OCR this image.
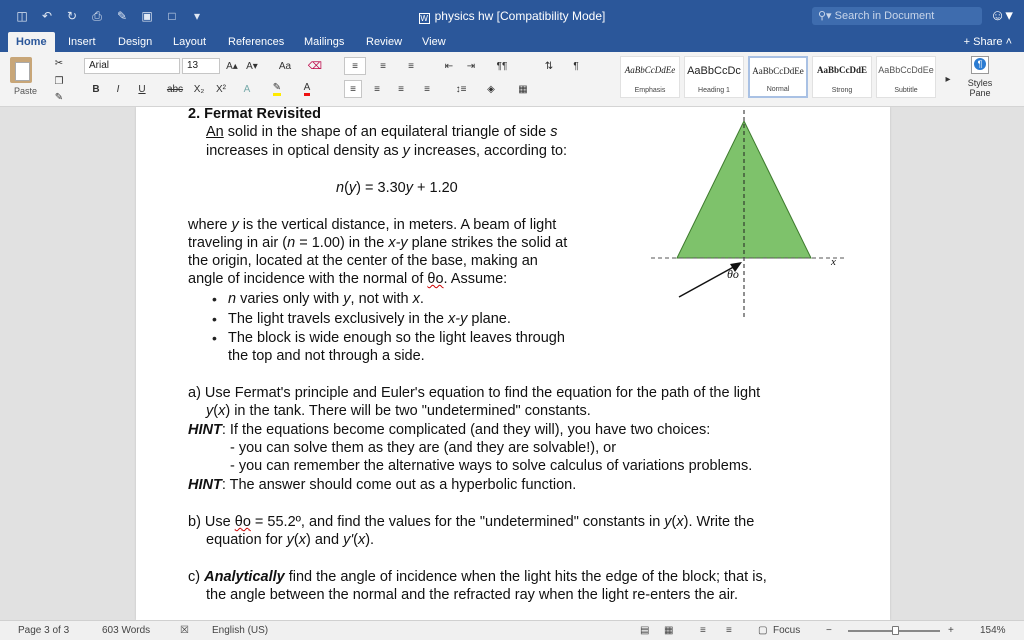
◫ ↶ ↻ ⎙ ✎ ▣	□	▾	W physics hw [Compatibility Mode]	⚲▾ Search in Document	☺▾
Home	Insert	Design	Layout	References	Mailings	Review	View	+ Share ˄
Paste
✂
❐
✎
Arial	13	A▴ A▾	Aa	⌫
B	I	U	abc	X₂	X²	A	✎ A
≡	≡	≡	⇤	⇥	¶¶	⇅	¶
≡	≡	≡	≡	↕≡	◈	▦
AaBbCcDdEe
Emphasis
AaBbCcDc
Heading 1
AaBbCcDdEe
Normal
AaBbCcDdE
Strong
AaBbCcDdEe
Subtitle
▸
¶	Styles Pane

2. Fermat Revisited

An solid in the shape of an equilateral triangle of side s

increases in optical density as y increases, according to:

n(y) = 3.30y + 1.20

where y is the vertical distance, in meters. A beam of light

traveling in air (n = 1.00) in the x-y plane strikes the solid at

the origin, located at the center of the base, making an

angle of incidence with the normal of θo. Assume:

• n varies only with y, not with x.

• The light travels exclusively in the x-y plane.

• The block is wide enough so the light leaves through

the top and not through a side.

a) Use Fermat's principle and Euler's equation to find the equation for the path of the light

y(x) in the tank. There will be two "undetermined" constants.

HINT: If the equations become complicated (and they will), you have two choices:

- you can solve them as they are (and they are solvable!), or

- you can remember the alternative ways to solve calculus of variations problems.

HINT: The answer should come out as a hyperbolic function.

b) Use θo = 55.2º, and find the values for the "undetermined" constants in y(x). Write the

equation for y(x) and y'(x).

c) Analytically find the angle of incidence when the light hits the edge of the block; that is,

the angle between the normal and the refracted ray when the light re-enters the air.

θo
x
Page 3 of 3	603 Words	☒ English (US)	▤ ▦	≡ ≡	▢ Focus	−	+	154%
